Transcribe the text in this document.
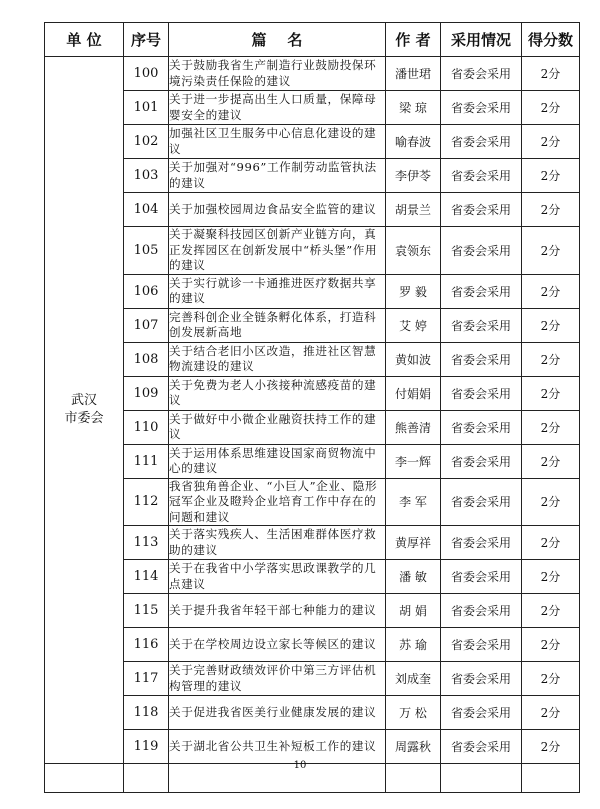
单 位	序号	篇    名	作 者	采用情况	得分数
武汉
市委会	100	关于鼓励我省生产制造行业鼓励投保环境污染责任保险的建议	潘世珺	省委会采用	2分
	101	关于进一步提高出生人口质量，保障母婴安全的建议	梁 琼	省委会采用	2分
	102	加强社区卫生服务中心信息化建设的建议	喻春波	省委会采用	2分
	103	关于加强对“996”工作制劳动监管执法的建议	李伊苓	省委会采用	2分
	104	关于加强校园周边食品安全监管的建议	胡景兰	省委会采用	2分
	105	关于凝聚科技园区创新产业链方向，真正发挥园区在创新发展中“桥头堡”作用的建议	袁领东	省委会采用	2分
	106	关于实行就诊一卡通推进医疗数据共享的建议	罗 毅	省委会采用	2分
	107	完善科创企业全链条孵化体系，打造科创发展新高地	艾 婷	省委会采用	2分
	108	关于结合老旧小区改造，推进社区智慧物流建设的建议	黄如波	省委会采用	2分
	109	关于免费为老人小孩接种流感疫苗的建议	付娟娟	省委会采用	2分
	110	关于做好中小微企业融资扶持工作的建议	熊善清	省委会采用	2分
	111	关于运用体系思维建设国家商贸物流中心的建议	李一辉	省委会采用	2分
	112	我省独角兽企业、“小巨人”企业、隐形冠军企业及瞪羚企业培育工作中存在的问题和建议	李 军	省委会采用	2分
	113	关于落实残疾人、生活困难群体医疗救助的建议	黄厚祥	省委会采用	2分
	114	关于在我省中小学落实思政课教学的几点建议	潘 敏	省委会采用	2分
	115	关于提升我省年轻干部七种能力的建议	胡 娟	省委会采用	2分
	116	关于在学校周边设立家长等候区的建议	苏 瑜	省委会采用	2分
	117	关于完善财政绩效评价中第三方评估机构管理的建议	刘成奎	省委会采用	2分
	118	关于促进我省医美行业健康发展的建议	万 松	省委会采用	2分
	119	关于湖北省公共卫生补短板工作的建议	周露秋	省委会采用	2分

10
